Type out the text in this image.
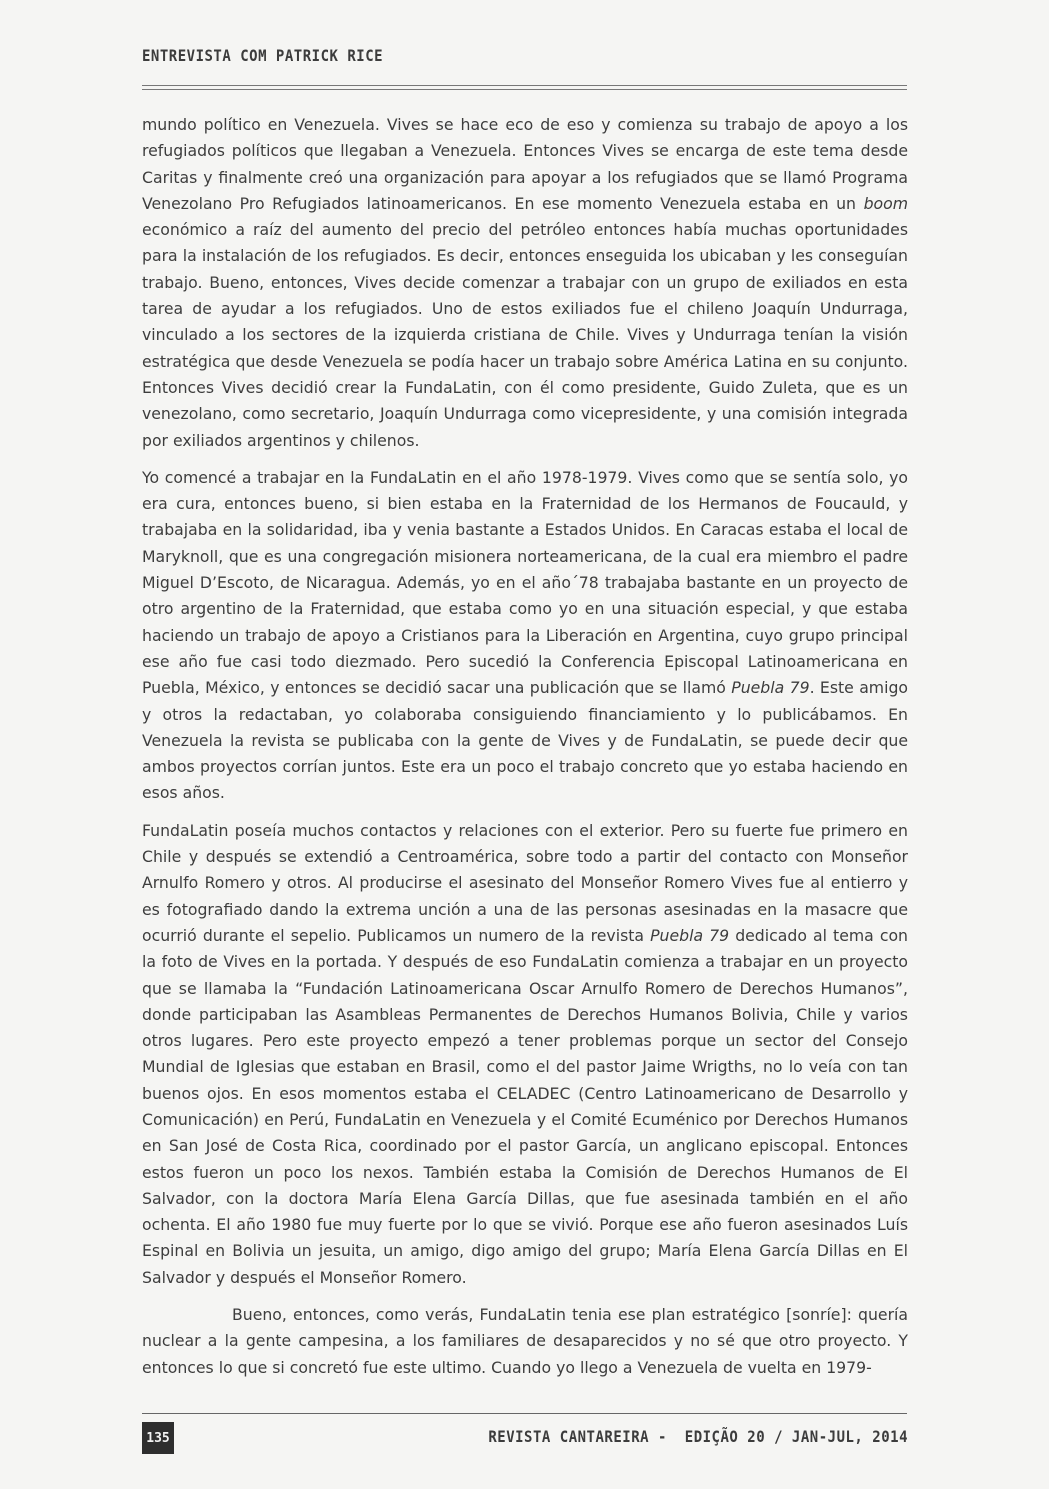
ENTREVISTA COM PATRICK RICE

mundo político en Venezuela. Vives se hace eco de eso y comienza su trabajo de apoyo a los refugiados políticos que llegaban a Venezuela. Entonces Vives se encarga de este tema desde Caritas y finalmente creó una organización para apoyar a los refugiados que se llamó Programa Venezolano Pro Refugiados latinoamericanos. En ese momento Venezuela estaba en un boom económico a raíz del aumento del precio del petróleo entonces había muchas oportunidades para la instalación de los refugiados. Es decir, entonces enseguida los ubicaban y les conseguían trabajo. Bueno, entonces, Vives decide comenzar a trabajar con un grupo de exiliados en esta tarea de ayudar a los refugiados. Uno de estos exiliados fue el chileno Joaquín Undurraga, vinculado a los sectores de la izquierda cristiana de Chile. Vives y Undurraga tenían la visión estratégica que desde Venezuela se podía hacer un trabajo sobre América Latina en su conjunto. Entonces Vives decidió crear la FundaLatin, con él como presidente, Guido Zuleta, que es un venezolano, como secretario, Joaquín Undurraga como vicepresidente, y una comisión integrada por exiliados argentinos y chilenos.

Yo comencé a trabajar en la FundaLatin en el año 1978-1979. Vives como que se sentía solo, yo era cura, entonces bueno, si bien estaba en la Fraternidad de los Hermanos de Foucauld, y trabajaba en la solidaridad, iba y venia bastante a Estados Unidos. En Caracas estaba el local de Maryknoll, que es una congregación misionera norteamericana, de la cual era miembro el padre Miguel D’Escoto, de Nicaragua. Además, yo en el año´78 trabajaba bastante en un proyecto de otro argentino de la Fraternidad, que estaba como yo en una situación especial, y que estaba haciendo un trabajo de apoyo a Cristianos para la Liberación en Argentina, cuyo grupo principal ese año fue casi todo diezmado. Pero sucedió la Conferencia Episcopal Latinoamericana en Puebla, México, y entonces se decidió sacar una publicación que se llamó Puebla 79. Este amigo y otros la redactaban, yo colaboraba consiguiendo financiamiento y lo publicábamos. En Venezuela la revista se publicaba con la gente de Vives y de FundaLatin, se puede decir que ambos proyectos corrían juntos. Este era un poco el trabajo concreto que yo estaba haciendo en esos años.

FundaLatin poseía muchos contactos y relaciones con el exterior. Pero su fuerte fue primero en Chile y después se extendió a Centroamérica, sobre todo a partir del contacto con Monseñor Arnulfo Romero y otros. Al producirse el asesinato del Monseñor Romero Vives fue al entierro y es fotografiado dando la extrema unción a una de las personas asesinadas en la masacre que ocurrió durante el sepelio. Publicamos un numero de la revista Puebla 79 dedicado al tema con la foto de Vives en la portada. Y después de eso FundaLatin comienza a trabajar en un proyecto que se llamaba la “Fundación Latinoamericana Oscar Arnulfo Romero de Derechos Humanos”, donde participaban las Asambleas Permanentes de Derechos Humanos Bolivia, Chile y varios otros lugares. Pero este proyecto empezó a tener problemas porque un sector del Consejo Mundial de Iglesias que estaban en Brasil, como el del pastor Jaime Wrigths, no lo veía con tan buenos ojos. En esos momentos estaba el CELADEC (Centro Latinoamericano de Desarrollo y Comunicación) en Perú, FundaLatin en Venezuela y el Comité Ecuménico por Derechos Humanos en San José de Costa Rica, coordinado por el pastor García, un anglicano episcopal. Entonces estos fueron un poco los nexos. También estaba la Comisión de Derechos Humanos de El Salvador, con la doctora María Elena García Dillas, que fue asesinada también en el año ochenta. El año 1980 fue muy fuerte por lo que se vivió. Porque ese año fueron asesinados Luís Espinal en Bolivia un jesuita, un amigo, digo amigo del grupo; María Elena García Dillas en El Salvador y después el Monseñor Romero.

Bueno, entonces, como verás, FundaLatin tenia ese plan estratégico [sonríe]: quería nuclear a la gente campesina, a los familiares de desaparecidos y no sé que otro proyecto. Y entonces lo que si concretó fue este ultimo. Cuando yo llego a Venezuela de vuelta en 1979-

135	REVISTA CANTAREIRA -  EDIÇÃO 20 / JAN-JUL, 2014
